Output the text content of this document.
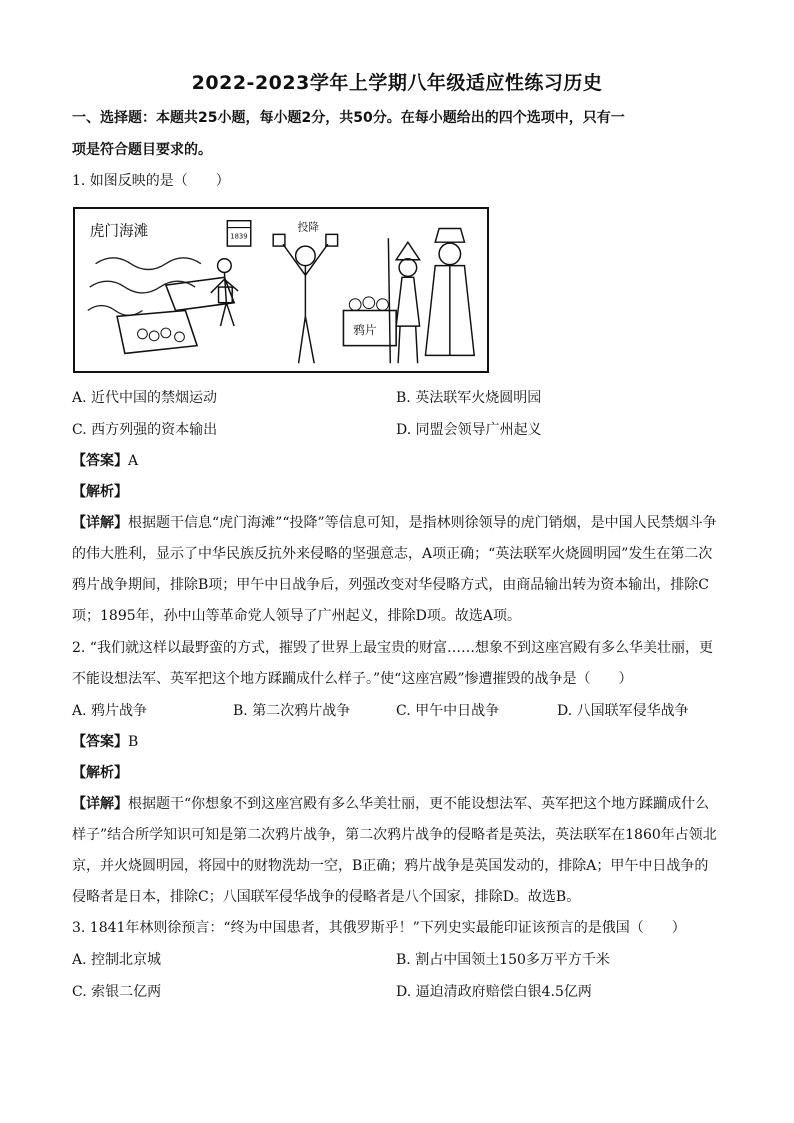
2022-2023学年上学期八年级适应性练习历史
一、选择题：本题共25小题，每小题2分，共50分。在每小题给出的四个选项中，只有一
项是符合题目要求的。
1. 如图反映的是（　　）
虎门海滩	1839
投降
鸦片
A. 近代中国的禁烟运动	B. 英法联军火烧圆明园
C. 西方列强的资本输出	D. 同盟会领导广州起义
【答案】A
【解析】
【详解】根据题干信息“虎门海滩”“投降”等信息可知，是指林则徐领导的虎门销烟，是中国人民禁烟斗争
的伟大胜利，显示了中华民族反抗外来侵略的坚强意志，A项正确；“英法联军火烧圆明园”发生在第二次
鸦片战争期间，排除B项；甲午中日战争后，列强改变对华侵略方式，由商品输出转为资本输出，排除C
项；1895年，孙中山等革命党人领导了广州起义，排除D项。故选A项。
2. “我们就这样以最野蛮的方式，摧毁了世界上最宝贵的财富……想象不到这座宫殿有多么华美壮丽，更
不能设想法军、英军把这个地方蹂躏成什么样子。”使“这座宫殿”惨遭摧毁的战争是（　　）
A. 鸦片战争	B. 第二次鸦片战争	C. 甲午中日战争	D. 八国联军侵华战争
【答案】B
【解析】
【详解】根据题干“你想象不到这座宫殿有多么华美壮丽，更不能设想法军、英军把这个地方蹂躏成什么
样子”结合所学知识可知是第二次鸦片战争，第二次鸦片战争的侵略者是英法，英法联军在1860年占领北
京，并火烧圆明园，将园中的财物洗劫一空，B正确；鸦片战争是英国发动的，排除A；甲午中日战争的
侵略者是日本，排除C；八国联军侵华战争的侵略者是八个国家，排除D。故选B。
3. 1841年林则徐预言：“终为中国患者，其俄罗斯乎！”下列史实最能印证该预言的是俄国（　　）
A. 控制北京城	B. 割占中国领土150多万平方千米
C. 索银二亿两	D. 逼迫清政府赔偿白银4.5亿两
